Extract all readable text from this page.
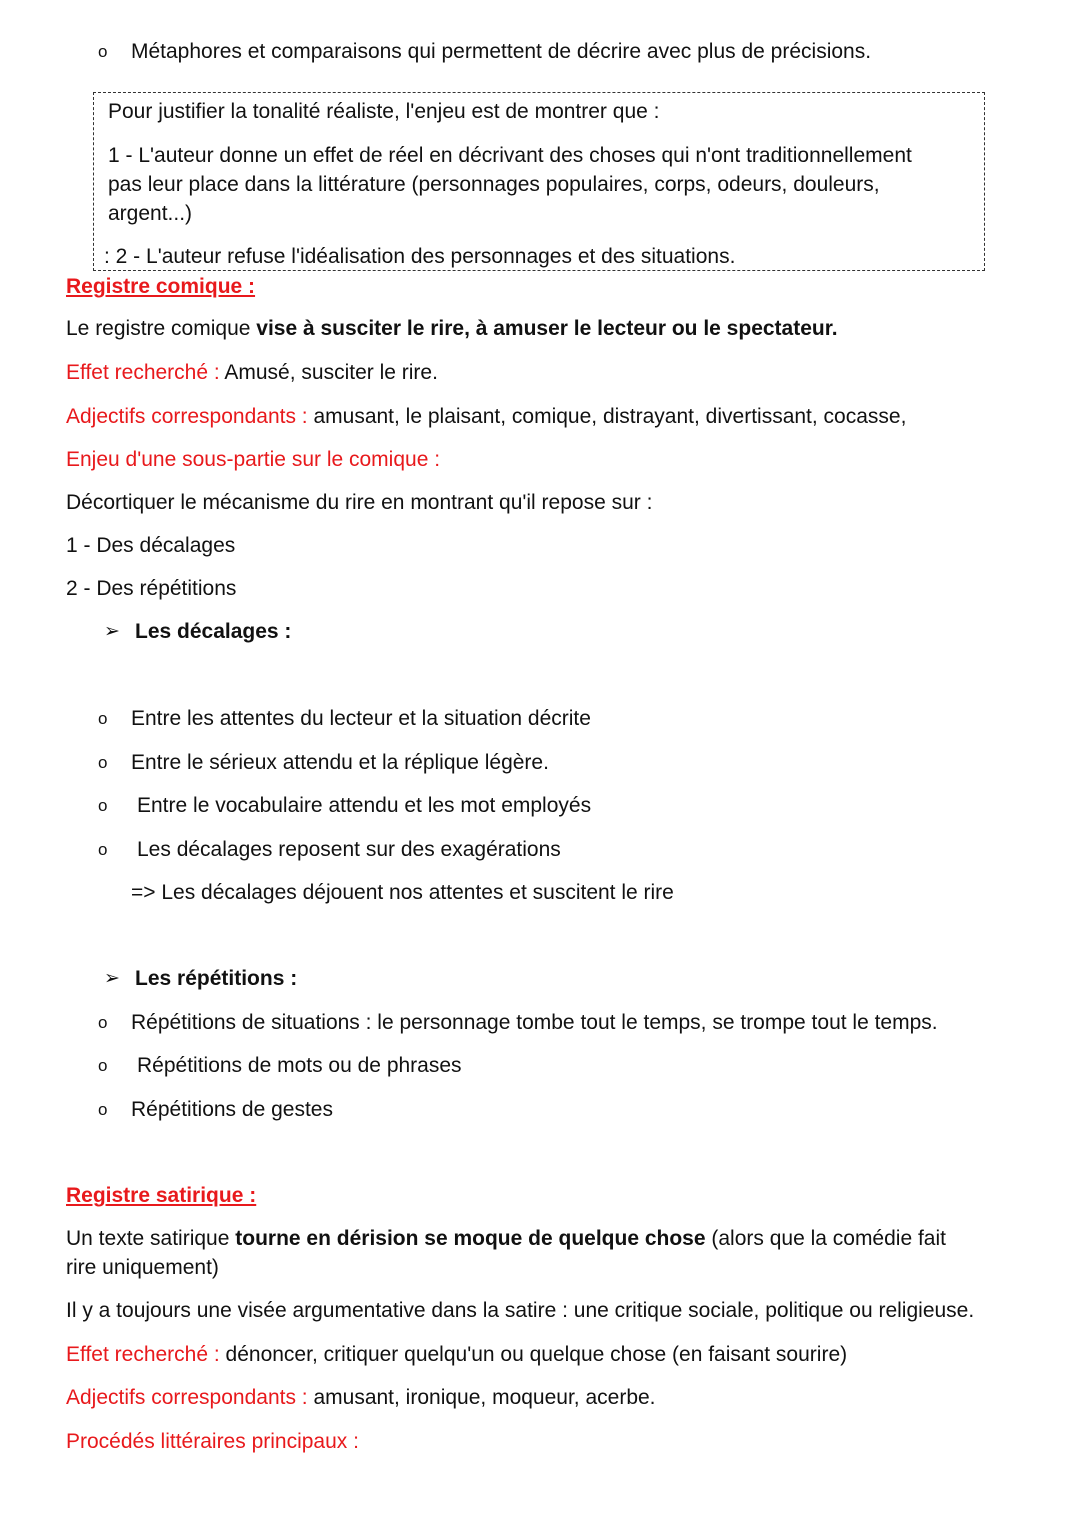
o Métaphores et comparaisons qui permettent de décrire avec plus de précisions.
Pour justifier la tonalité réaliste, l'enjeu est de montrer que :
1 - L'auteur donne un effet de réel en décrivant des choses qui n'ont traditionnellement
pas leur place dans la littérature (personnages populaires, corps, odeurs, douleurs,
argent...)
: 2 - L'auteur refuse l'idéalisation des personnages et des situations.
Registre comique :
Le registre comique vise à susciter le rire, à amuser le lecteur ou le spectateur.
Effet recherché : Amusé, susciter le rire.
Adjectifs correspondants : amusant, le plaisant, comique, distrayant, divertissant, cocasse,
Enjeu d'une sous-partie sur le comique :
Décortiquer le mécanisme du rire en montrant qu'il repose sur :
1 - Des décalages
2 - Des répétitions
➢ Les décalages :
o Entre les attentes du lecteur et la situation décrite
o Entre le sérieux attendu et la réplique légère.
o Entre le vocabulaire attendu et les mot employés
o Les décalages reposent sur des exagérations
=> Les décalages déjouent nos attentes et suscitent le rire
➢ Les répétitions :
o Répétitions de situations : le personnage tombe tout le temps, se trompe tout le temps.
o Répétitions de mots ou de phrases
o Répétitions de gestes
Registre satirique :
Un texte satirique tourne en dérision se moque de quelque chose (alors que la comédie fait
rire uniquement)
Il y a toujours une visée argumentative dans la satire : une critique sociale, politique ou religieuse.
Effet recherché : dénoncer, critiquer quelqu'un ou quelque chose (en faisant sourire)
Adjectifs correspondants : amusant, ironique, moqueur, acerbe.
Procédés littéraires principaux :
